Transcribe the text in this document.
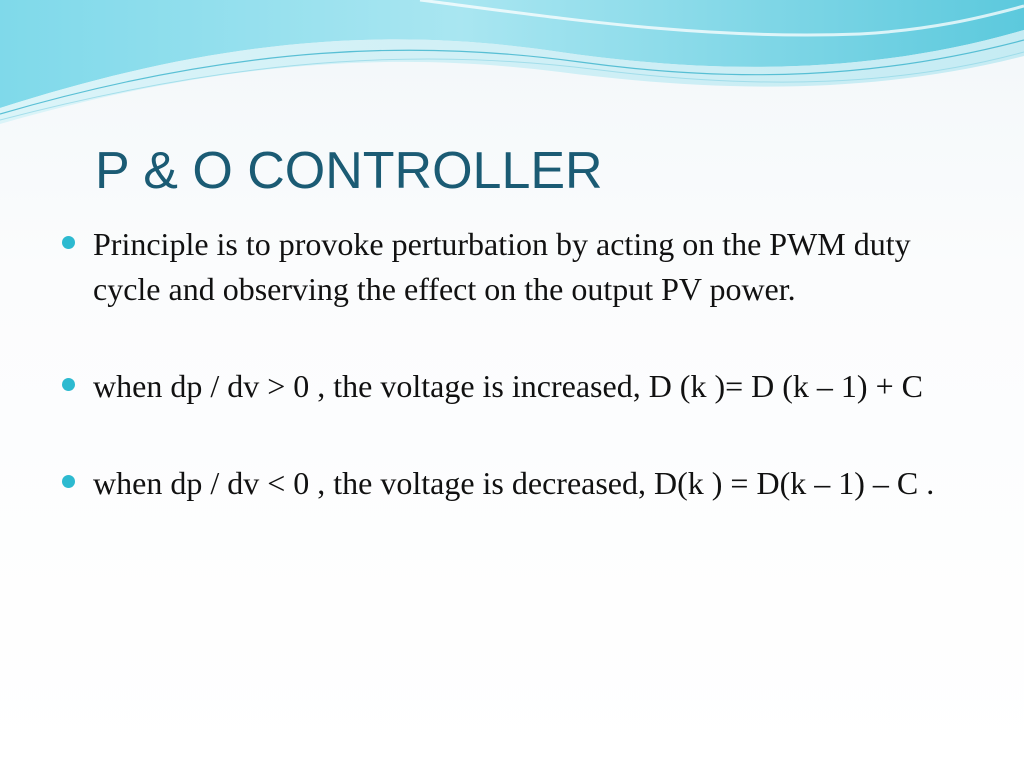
P & O CONTROLLER
Principle is to provoke perturbation by acting on the PWM duty cycle and observing the effect on the output PV power.
when dp / dv > 0 , the voltage is increased, D (k )= D (k – 1) + C
when dp / dv < 0 , the voltage is decreased, D(k ) = D(k – 1) – C .
